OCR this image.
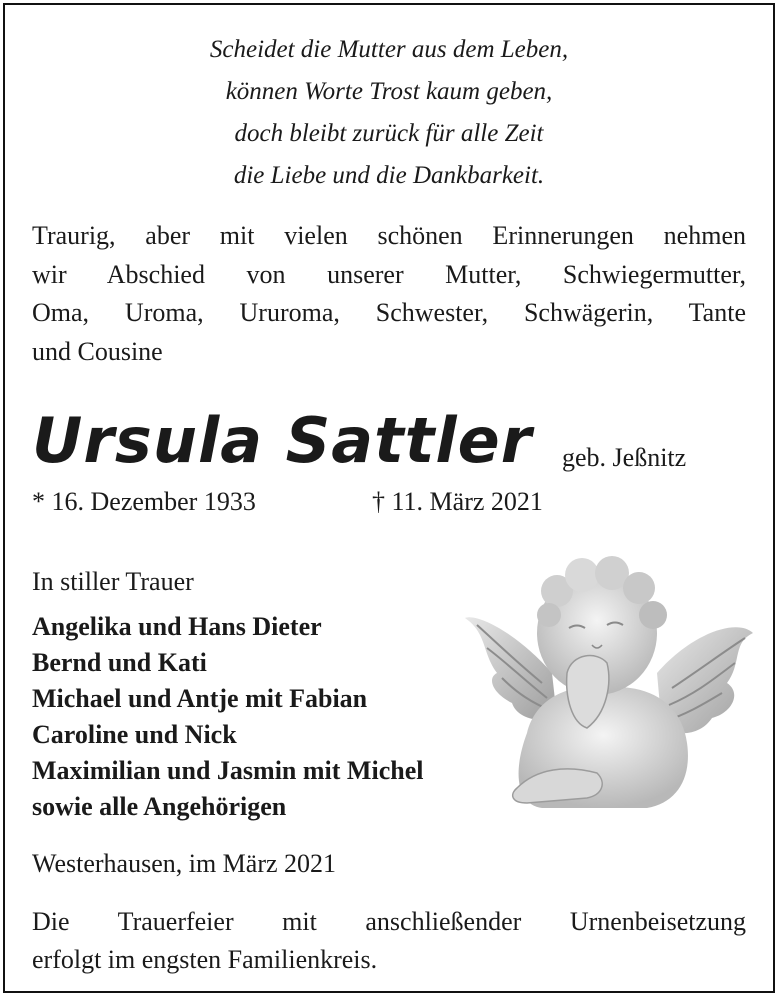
Scheidet die Mutter aus dem Leben,
können Worte Trost kaum geben,
doch bleibt zurück für alle Zeit
die Liebe und die Dankbarkeit.
Traurig, aber mit vielen schönen Erinnerungen nehmen
wir Abschied von unserer Mutter, Schwiegermutter,
Oma, Uroma, Ururoma, Schwester, Schwägerin, Tante
und Cousine
Ursula Sattler geb. Jeßnitz
* 16. Dezember 1933	† 11. März 2021
In stiller Trauer
Angelika und Hans Dieter
Bernd und Kati
Michael und Antje mit Fabian
Caroline und Nick
Maximilian und Jasmin mit Michel
sowie alle Angehörigen
Westerhausen, im März 2021
Die Trauerfeier mit anschließender Urnenbeisetzung
erfolgt im engsten Familienkreis.
